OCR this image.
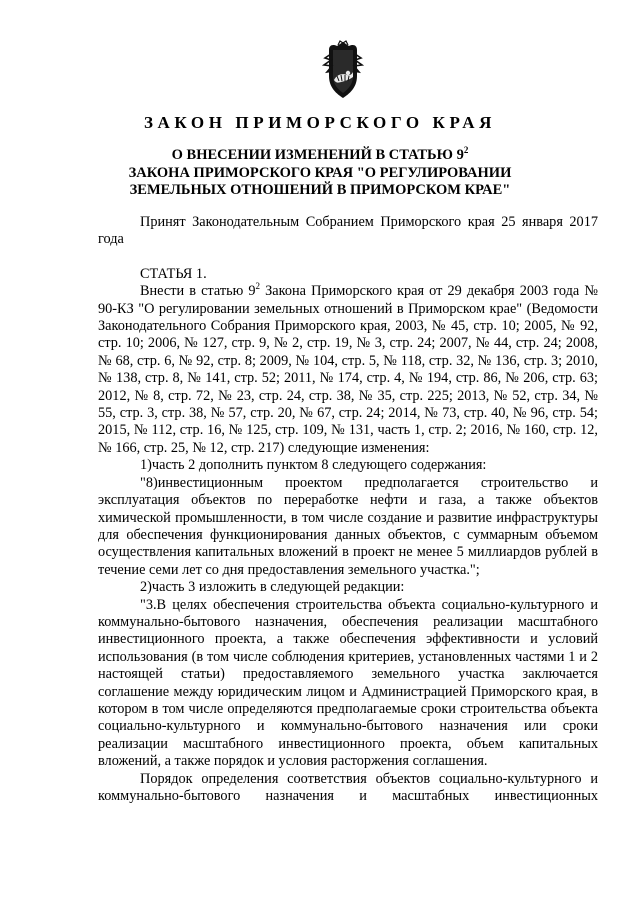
ЗАКОН ПРИМОРСКОГО КРАЯ
О ВНЕСЕНИИ ИЗМЕНЕНИЙ В СТАТЬЮ $9^2$
ЗАКОНА ПРИМОРСКОГО КРАЯ "О РЕГУЛИРОВАНИИ
ЗЕМЕЛЬНЫХ ОТНОШЕНИЙ В ПРИМОРСКОМ КРАЕ"

Принят Законодательным Собранием Приморского края 25 января 2017 года

СТАТЬЯ 1.

Внести в статью $9^2$ Закона Приморского края от 29 декабря 2003 года № 90-КЗ "О регулировании земельных отношений в Приморском крае" (Ведомости Законодательного Собрания Приморского края, 2003, № 45, стр. 10; 2005, № 92, стр. 10; 2006, № 127, стр. 9, № 2, стр. 19, № 3, стр. 24; 2007, № 44, стр. 24; 2008, № 68, стр. 6, № 92, стр. 8; 2009, № 104, стр. 5, № 118, стр. 32, № 136, стр. 3; 2010, № 138, стр. 8, № 141, стр. 52; 2011, № 174, стр. 4, № 194, стр. 86, № 206, стр. 63; 2012, № 8, стр. 72, № 23, стр. 24, стр. 38, № 35, стр. 225; 2013, № 52, стр. 34, № 55, стр. 3, стр. 38, № 57, стр. 20, № 67, стр. 24; 2014, № 73, стр. 40, № 96, стр. 54; 2015, № 112, стр. 16, № 125, стр. 109, № 131, часть 1, стр. 2; 2016, № 160, стр. 12, № 166, стр. 25, № 12, стр. 217) следующие изменения:

1)часть 2 дополнить пунктом 8 следующего содержания:

"8)инвестиционным проектом предполагается строительство и эксплуатация объектов по переработке нефти и газа, а также объектов химической промышленности, в том числе создание и развитие инфраструктуры для обеспечения функционирования данных объектов, с суммарным объемом осуществления капитальных вложений в проект не менее 5 миллиардов рублей в течение семи лет со дня предоставления земельного участка.";

2)часть 3 изложить в следующей редакции:

"3.В целях обеспечения строительства объекта социально-культурного и коммунально-бытового назначения, обеспечения реализации масштабного инвестиционного проекта, а также обеспечения эффективности и условий использования (в том числе соблюдения критериев, установленных частями 1 и 2 настоящей статьи) предоставляемого земельного участка заключается соглашение между юридическим лицом и Администрацией Приморского края, в котором в том числе определяются предполагаемые сроки строительства объекта социально-культурного и коммунально-бытового назначения или сроки реализации масштабного инвестиционного проекта, объем капитальных вложений, а также порядок и условия расторжения соглашения.

Порядок определения соответствия объектов социально-культурного и коммунально-бытового назначения и масштабных инвестиционных
